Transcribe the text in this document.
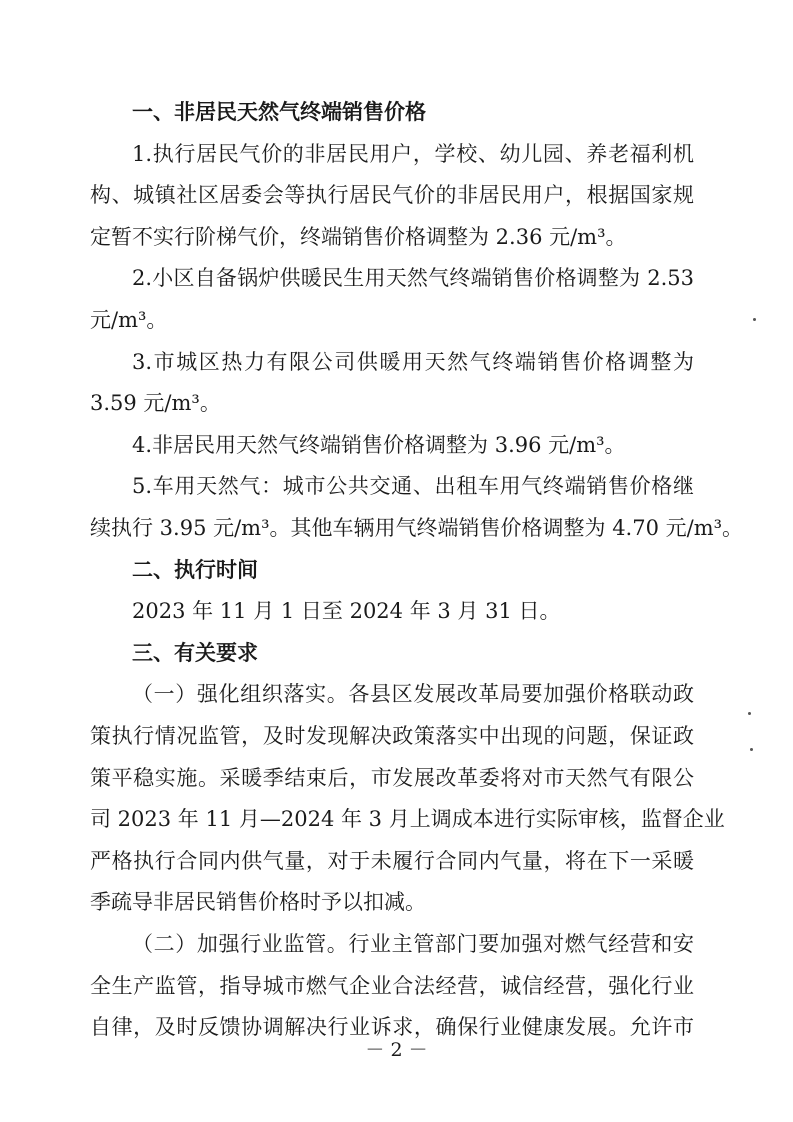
一、非居民天然气终端销售价格
1.执行居民气价的非居民用户，学校、幼儿园、养老福利机
构、城镇社区居委会等执行居民气价的非居民用户，根据国家规
定暂不实行阶梯气价，终端销售价格调整为 2.36 元/m³。
2.小区自备锅炉供暖民生用天然气终端销售价格调整为 2.53
元/m³。
3.市城区热力有限公司供暖用天然气终端销售价格调整为
3.59 元/m³。
4.非居民用天然气终端销售价格调整为 3.96 元/m³。
5.车用天然气：城市公共交通、出租车用气终端销售价格继
续执行 3.95 元/m³。其他车辆用气终端销售价格调整为 4.70 元/m³。
二、执行时间
2023 年 11 月 1 日至 2024 年 3 月 31 日。
三、有关要求
（一）强化组织落实。各县区发展改革局要加强价格联动政
策执行情况监管，及时发现解决政策落实中出现的问题，保证政
策平稳实施。采暖季结束后，市发展改革委将对市天然气有限公
司 2023 年 11 月—2024 年 3 月上调成本进行实际审核，监督企业
严格执行合同内供气量，对于未履行合同内气量，将在下一采暖
季疏导非居民销售价格时予以扣减。
（二）加强行业监管。行业主管部门要加强对燃气经营和安
全生产监管，指导城市燃气企业合法经营，诚信经营，强化行业
自律，及时反馈协调解决行业诉求，确保行业健康发展。允许市
－ 2 －
